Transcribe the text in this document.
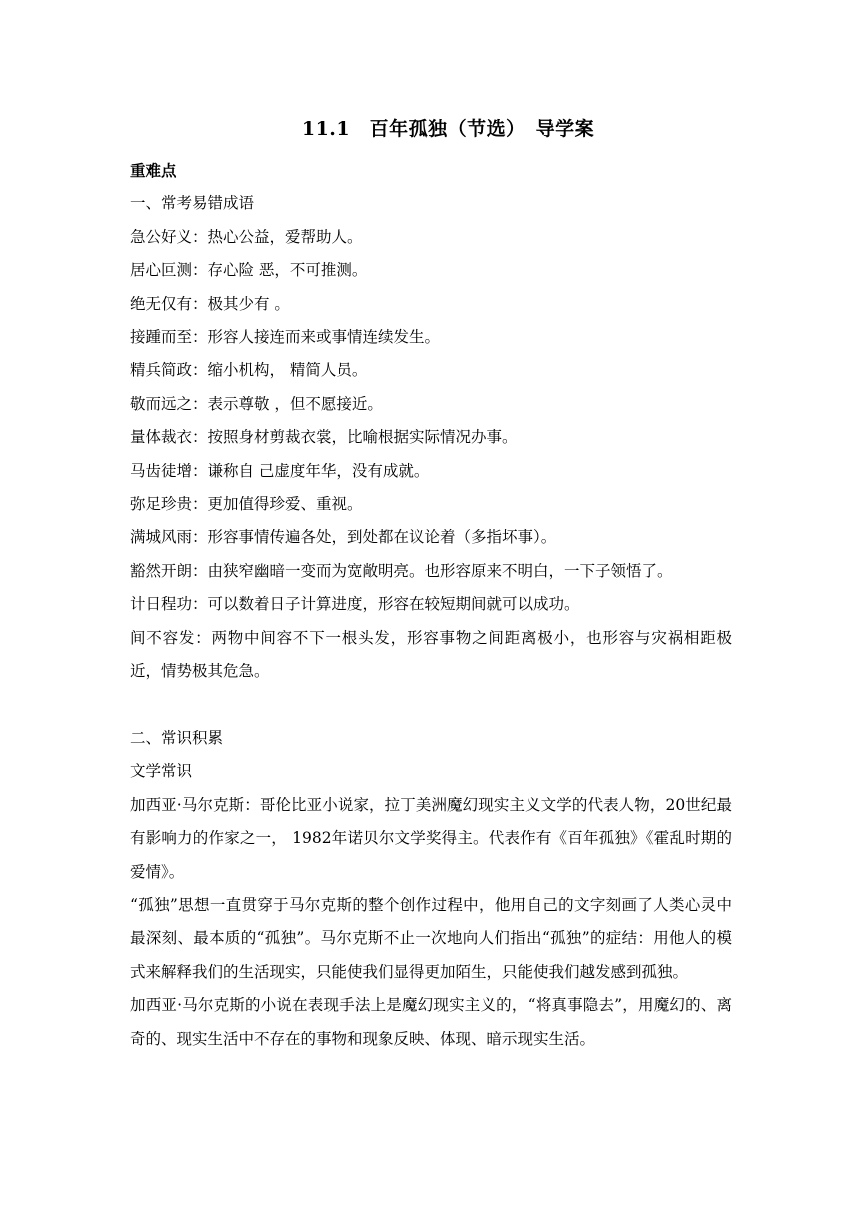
11.1　百年孤独（节选）　导学案
重难点
一、常考易错成语
急公好义：热心公益，爱帮助人。
居心叵测：存心险 恶，不可推测。
绝无仅有：极其少有 。
接踵而至：形容人接连而来或事情连续发生。
精兵简政：缩小机构， 精简人员。
敬而远之：表示尊敬 ，但不愿接近。
量体裁衣：按照身材剪裁衣裳，比喻根据实际情况办事。
马齿徒增：谦称自 己虚度年华，没有成就。
弥足珍贵：更加值得珍爱、重视。
满城风雨：形容事情传遍各处，到处都在议论着（多指坏事）。
豁然开朗：由狭窄幽暗一变而为宽敞明亮。也形容原来不明白，一下子领悟了。
计日程功：可以数着日子计算进度，形容在较短期间就可以成功。
间不容发：两物中间容不下一根头发，形容事物之间距离极小，也形容与灾祸相距极近，情势极其危急。
二、常识积累
文学常识
加西亚·马尔克斯：哥伦比亚小说家，拉丁美洲魔幻现实主义文学的代表人物，20世纪最有影响力的作家之一， 1982年诺贝尔文学奖得主。代表作有《百年孤独》《霍乱时期的爱情》。
“孤独”思想一直贯穿于马尔克斯的整个创作过程中，他用自己的文字刻画了人类心灵中最深刻、最本质的“孤独”。马尔克斯不止一次地向人们指出“孤独”的症结：用他人的模式来解释我们的生活现实，只能使我们显得更加陌生，只能使我们越发感到孤独。
加西亚·马尔克斯的小说在表现手法上是魔幻现实主义的，“将真事隐去”，用魔幻的、离奇的、现实生活中不存在的事物和现象反映、体现、暗示现实生活。
